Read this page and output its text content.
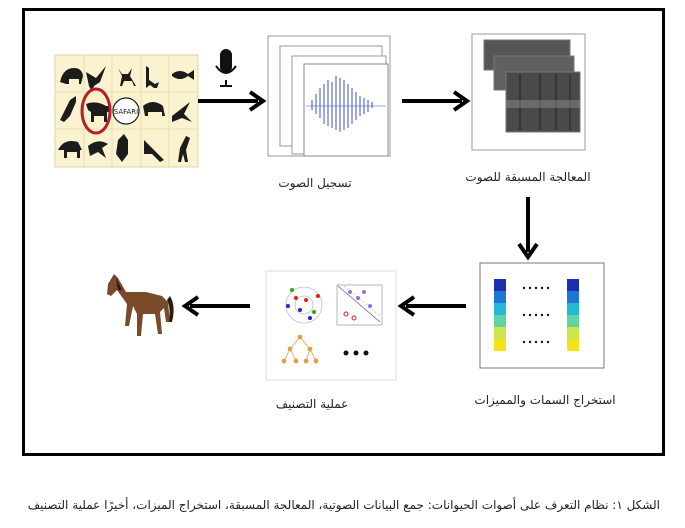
SAFARI
تسجيل الصوت	المعالجة المسبقة للصوت
استخراج السمات والمميزات
عملية التصنيف
الشكل ١: نظام التعرف على أصوات الحيوانات: جمع البيانات الصوتية، المعالجة المسبقة، استخراج الميزات، أخيرًا عملية التصنيف
